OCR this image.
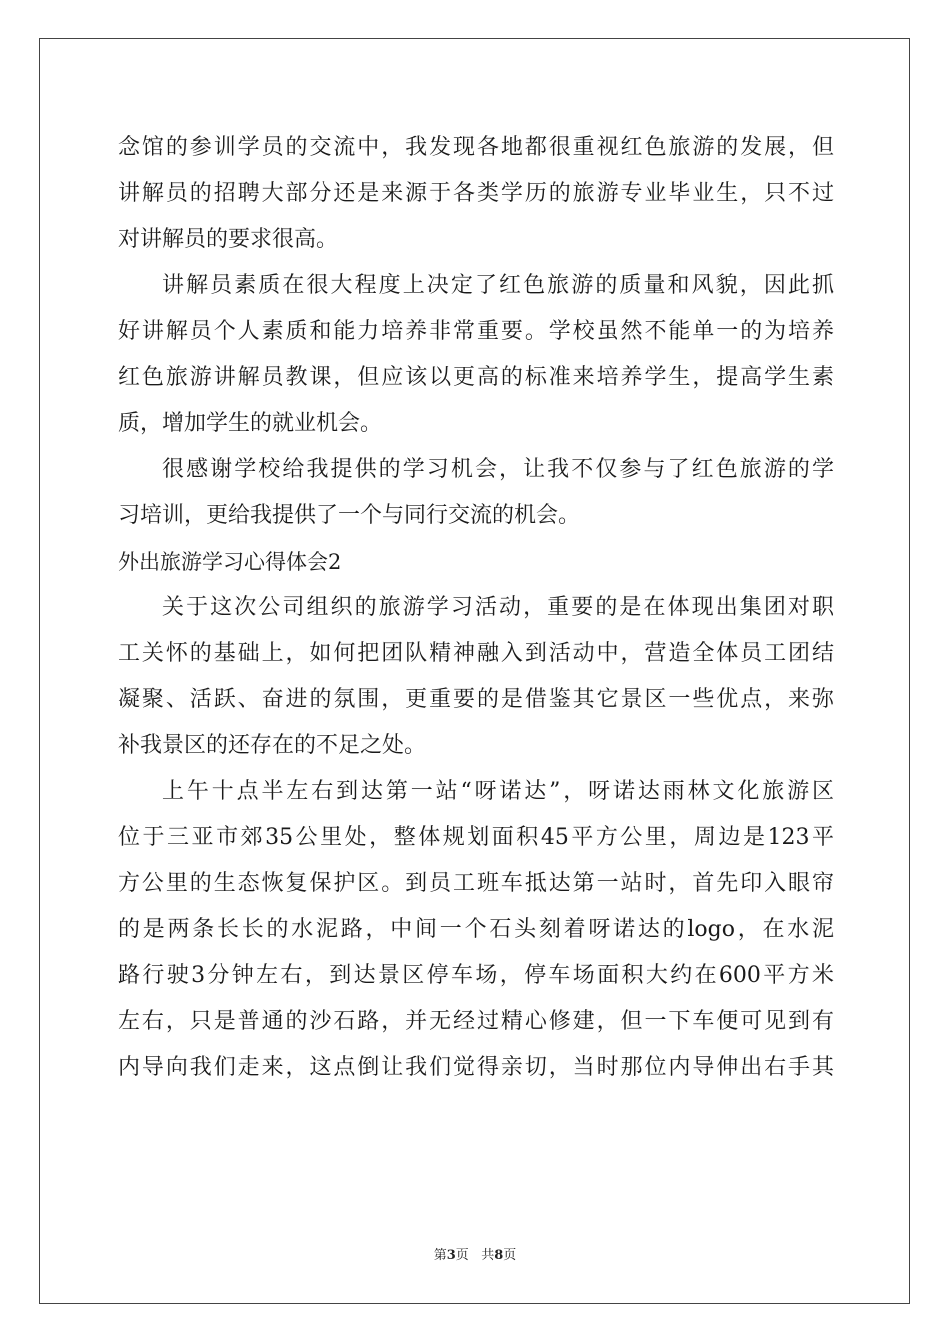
念馆的参训学员的交流中，我发现各地都很重视红色旅游的发展，但
讲解员的招聘大部分还是来源于各类学历的旅游专业毕业生，只不过
对讲解员的要求很高。
讲解员素质在很大程度上决定了红色旅游的质量和风貌，因此抓
好讲解员个人素质和能力培养非常重要。学校虽然不能单一的为培养
红色旅游讲解员教课，但应该以更高的标准来培养学生，提高学生素
质，增加学生的就业机会。
很感谢学校给我提供的学习机会，让我不仅参与了红色旅游的学
习培训，更给我提供了一个与同行交流的机会。
外出旅游学习心得体会2
关于这次公司组织的旅游学习活动，重要的是在体现出集团对职
工关怀的基础上，如何把团队精神融入到活动中，营造全体员工团结
凝聚、活跃、奋进的氛围，更重要的是借鉴其它景区一些优点，来弥
补我景区的还存在的不足之处。
上午十点半左右到达第一站“呀诺达”，呀诺达雨林文化旅游区
位于三亚市郊35公里处，整体规划面积45平方公里，周边是123平
方公里的生态恢复保护区。到员工班车抵达第一站时，首先印入眼帘
的是两条长长的水泥路，中间一个石头刻着呀诺达的logo，在水泥
路行驶3分钟左右，到达景区停车场，停车场面积大约在600平方米
左右，只是普通的沙石路，并无经过精心修建，但一下车便可见到有
内导向我们走来，这点倒让我们觉得亲切，当时那位内导伸出右手其
第3页 共8页
